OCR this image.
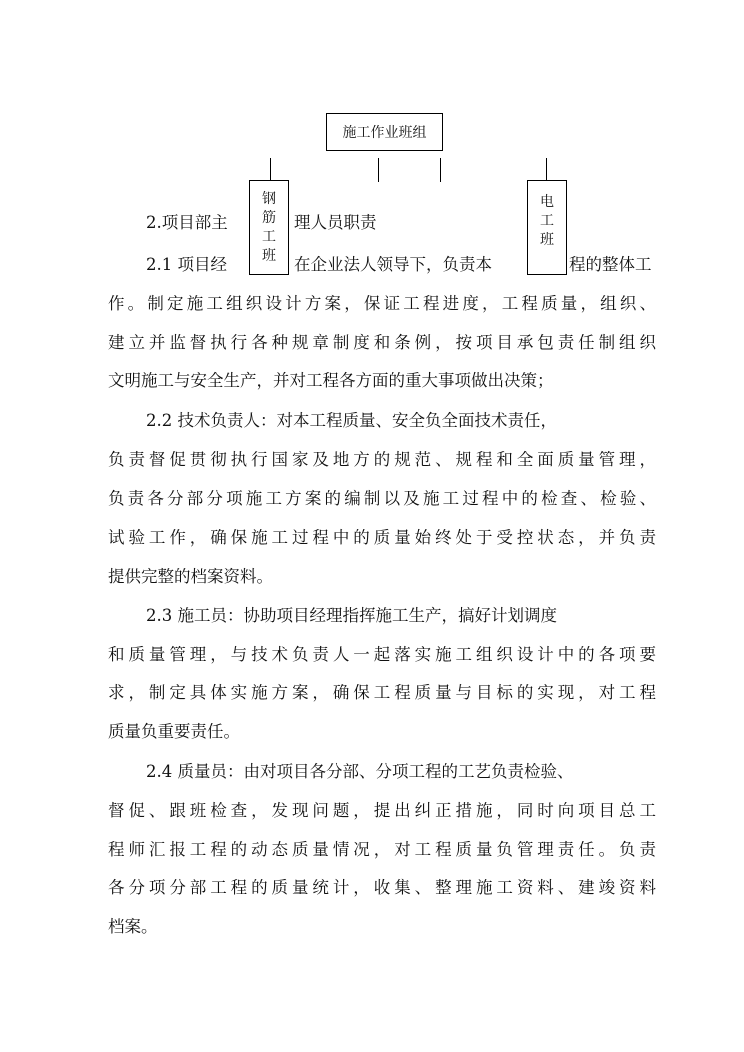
施工作业班组
钢筋工班
电工班
2.项目部主	理人员职责
2.1 项目经	在企业法人领导下，负责本	程的整体工
作。制定施工组织设计方案，保证工程进度，工程质量，组织、
建立并监督执行各种规章制度和条例，按项目承包责任制组织
文明施工与安全生产，并对工程各方面的重大事项做出决策；
2.2 技术负责人：对本工程质量、安全负全面技术责任，
负责督促贯彻执行国家及地方的规范、规程和全面质量管理，
负责各分部分项施工方案的编制以及施工过程中的检查、检验、
试验工作，确保施工过程中的质量始终处于受控状态，并负责
提供完整的档案资料。
2.3 施工员：协助项目经理指挥施工生产，搞好计划调度
和质量管理，与技术负责人一起落实施工组织设计中的各项要
求，制定具体实施方案，确保工程质量与目标的实现，对工程
质量负重要责任。
2.4 质量员：由对项目各分部、分项工程的工艺负责检验、
督促、跟班检查，发现问题，提出纠正措施，同时向项目总工
程师汇报工程的动态质量情况，对工程质量负管理责任。负责
各分项分部工程的质量统计，收集、整理施工资料、建竣资料
档案。
